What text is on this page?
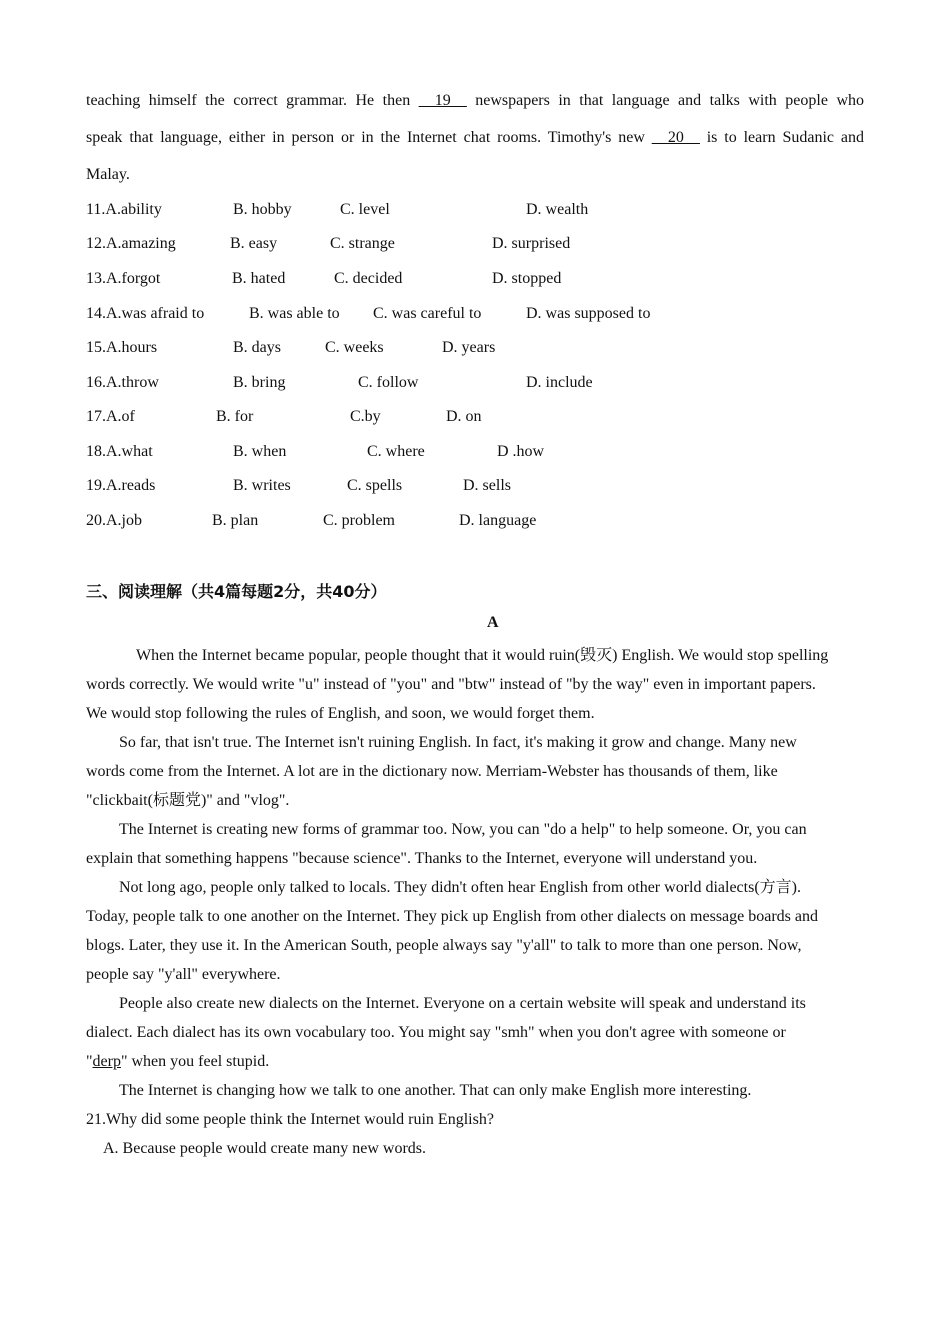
teaching himself the correct grammar. He then __19__ newspapers in that language and talks with people who
speak that language, either in person or in the Internet chat rooms. Timothy's new __20__ is to learn Sudanic and
Malay.
11.A.ability	B. hobby	C. level	D. wealth
12.A.amazing	B. easy	C. strange	D. surprised
13.A.forgot	B. hated	C. decided	D. stopped
14.A.was afraid to	B. was able to C. was careful to	D. was supposed to
15.A.hours	B. days	C. weeks	D. years
16.A.throw	B. bring	C. follow	D. include
17.A.of	B. for	C.by	D. on
18.A.what	B. when	C. where	D .how
19.A.reads	B. writes	C. spells	D. sells
20.A.job	B. plan	C. problem	D. language
三、阅读理解（共4篇每题2分，共40分）
A
When the Internet became popular, people thought that it would ruin(毁灭) English. We would stop spelling
words correctly. We would write "u" instead of "you" and "btw" instead of "by the way" even in important papers.
We would stop following the rules of English, and soon, we would forget them.
So far, that isn't true. The Internet isn't ruining English. In fact, it's making it grow and change. Many new
words come from the Internet. A lot are in the dictionary now. Merriam-Webster has thousands of them, like
"clickbait(标题党)" and "vlog".
The Internet is creating new forms of grammar too. Now, you can "do a help" to help someone. Or, you can
explain that something happens "because science". Thanks to the Internet, everyone will understand you.
Not long ago, people only talked to locals. They didn't often hear English from other world dialects(方言).
Today, people talk to one another on the Internet. They pick up English from other dialects on message boards and
blogs. Later, they use it. In the American South, people always say "y'all" to talk to more than one person. Now,
people say "y'all" everywhere.
People also create new dialects on the Internet. Everyone on a certain website will speak and understand its
dialect. Each dialect has its own vocabulary too. You might say "smh" when you don't agree with someone or
"derp" when you feel stupid.
The Internet is changing how we talk to one another. That can only make English more interesting.
21.Why did some people think the Internet would ruin English?
A. Because people would create many new words.
